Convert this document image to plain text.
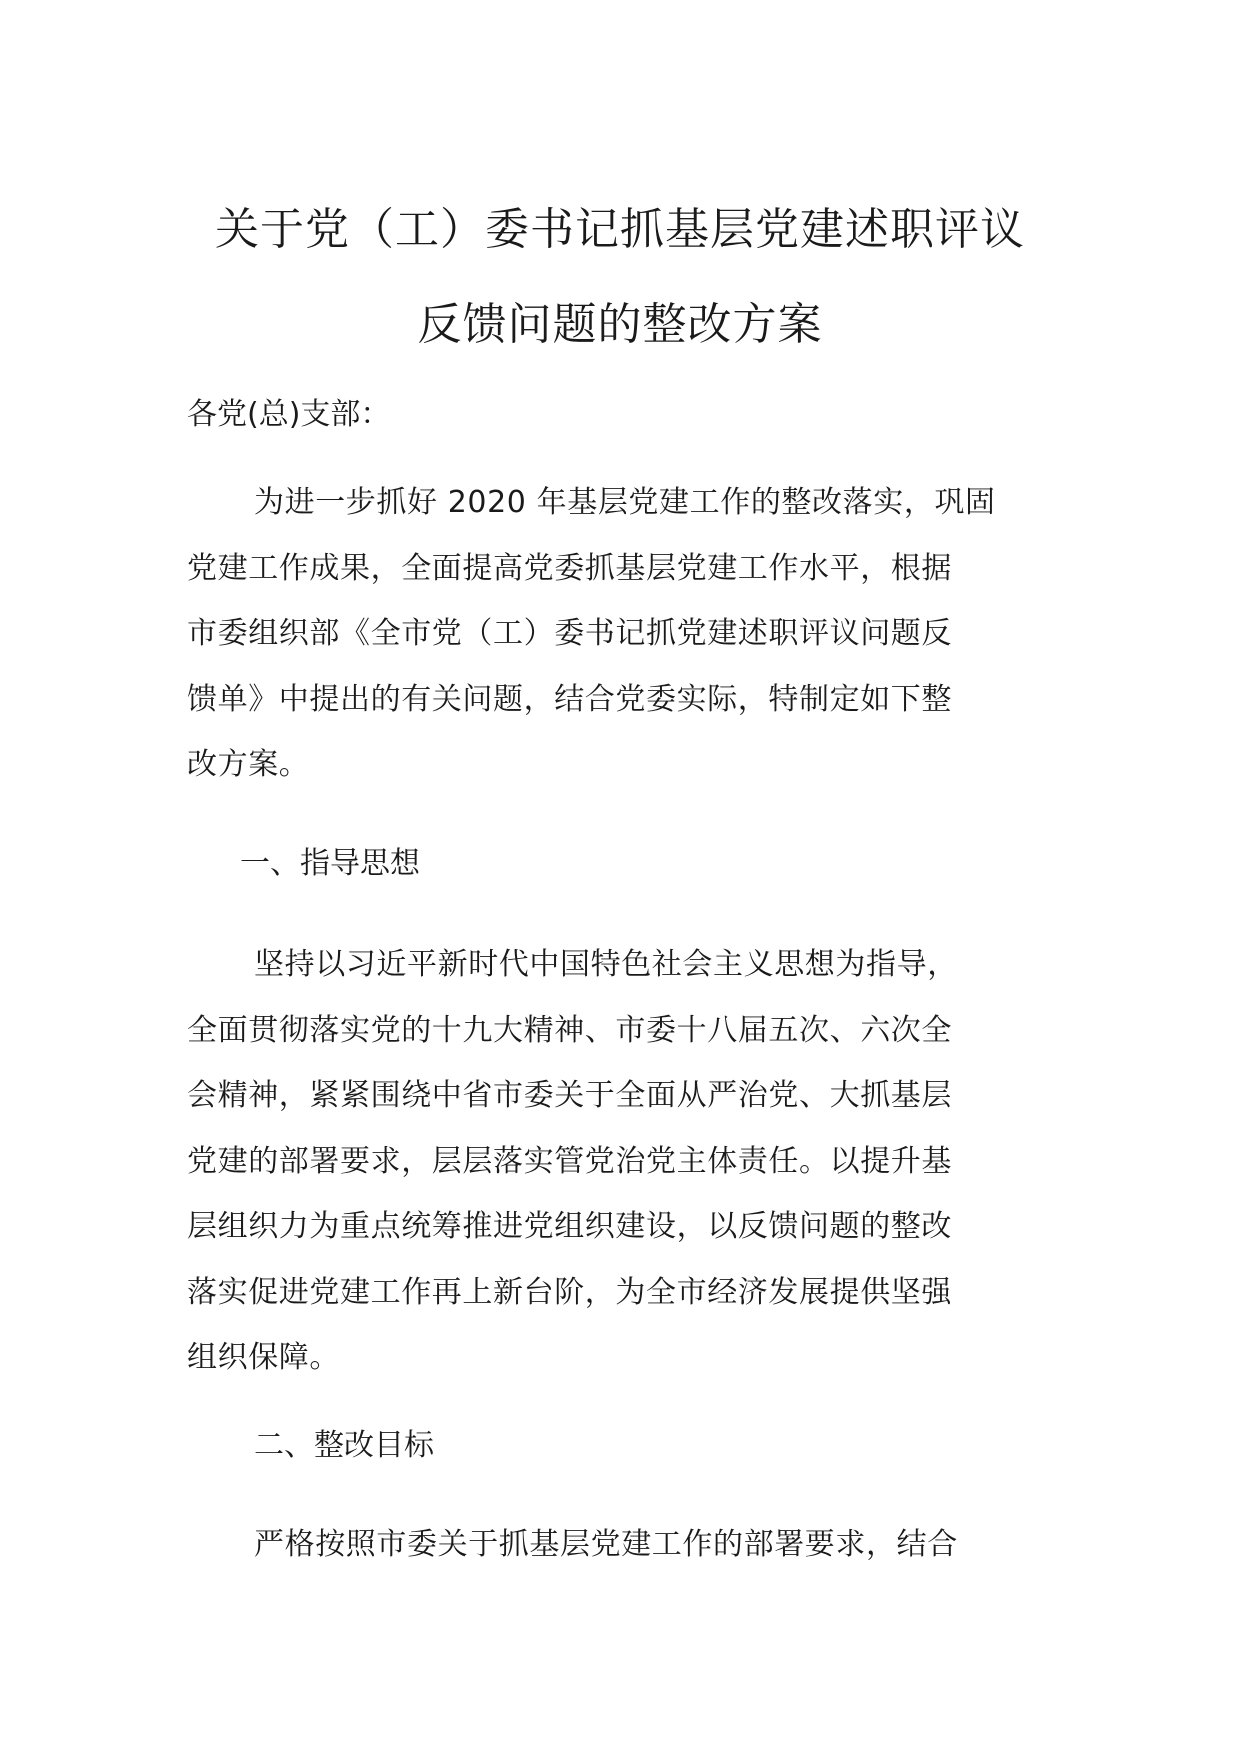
关于党（工）委书记抓基层党建述职评议
反馈问题的整改方案
各党(总)支部：
为进一步抓好 2020 年基层党建工作的整改落实，巩固
党建工作成果，全面提高党委抓基层党建工作水平，根据
市委组织部《全市党（工）委书记抓党建述职评议问题反
馈单》中提出的有关问题，结合党委实际，特制定如下整
改方案。
一、指导思想
坚持以习近平新时代中国特色社会主义思想为指导，
全面贯彻落实党的十九大精神、市委十八届五次、六次全
会精神，紧紧围绕中省市委关于全面从严治党、大抓基层
党建的部署要求，层层落实管党治党主体责任。以提升基
层组织力为重点统筹推进党组织建设，以反馈问题的整改
落实促进党建工作再上新台阶，为全市经济发展提供坚强
组织保障。
二、整改目标
严格按照市委关于抓基层党建工作的部署要求，结合
